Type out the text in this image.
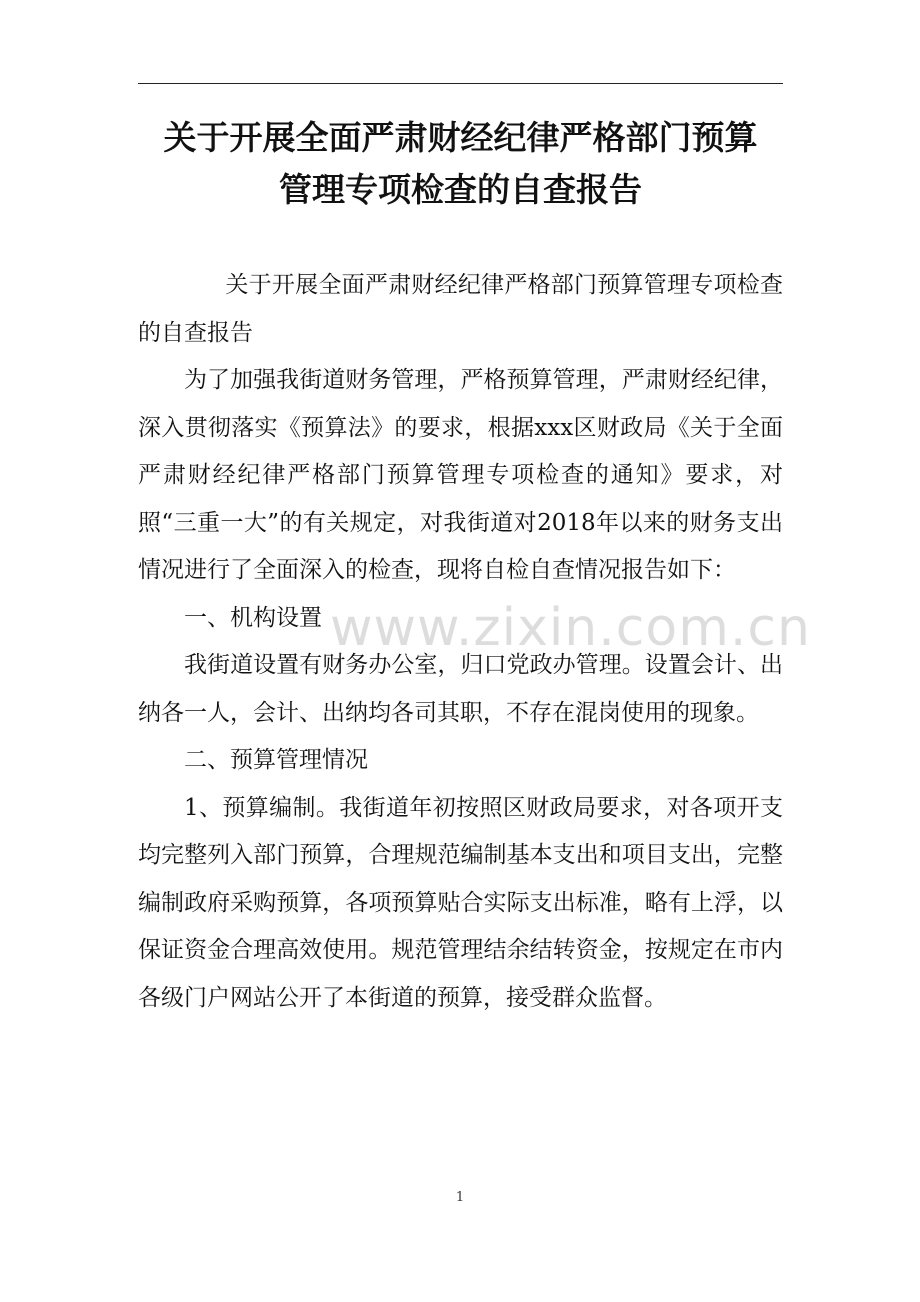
关于开展全面严肃财经纪律严格部门预算
管理专项检查的自查报告

关于开展全面严肃财经纪律严格部门预算管理专项检查的自查报告

为了加强我街道财务管理，严格预算管理，严肃财经纪律，深入贯彻落实《预算法》的要求，根据xxx区财政局《关于全面严肃财经纪律严格部门预算管理专项检查的通知》要求，对照“三重一大”的有关规定，对我街道对2018年以来的财务支出情况进行了全面深入的检查，现将自检自查情况报告如下：

一、机构设置

我街道设置有财务办公室，归口党政办管理。设置会计、出纳各一人，会计、出纳均各司其职，不存在混岗使用的现象。

二、预算管理情况

1、预算编制。我街道年初按照区财政局要求，对各项开支均完整列入部门预算，合理规范编制基本支出和项目支出，完整编制政府采购预算，各项预算贴合实际支出标准，略有上浮，以保证资金合理高效使用。规范管理结余结转资金，按规定在市内各级门户网站公开了本街道的预算，接受群众监督。

www.zixin.com.cn
1
